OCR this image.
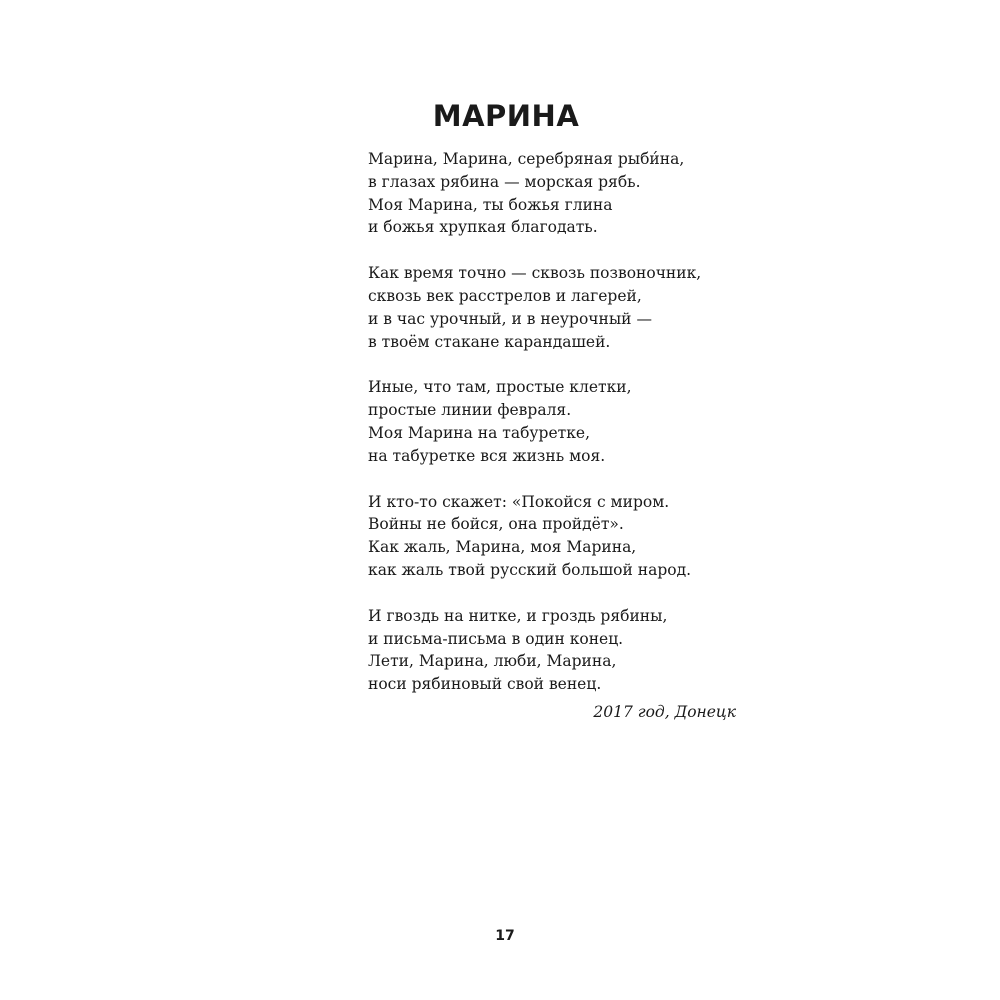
МАРИНА
Марина, Марина, серебряная рыби́на,
в глазах рябина — морская рябь.
Моя Марина, ты божья глина
и божья хрупкая благодать.
Как время точно — сквозь позвоночник,
сквозь век расстрелов и лагерей,
и в час урочный, и в неурочный —
в твоём стакане карандашей.
Иные, что там, простые клетки,
простые линии февраля.
Моя Марина на табуретке,
на табуретке вся жизнь моя.
И кто-то скажет: «Покойся с миром.
Войны не бойся, она пройдёт».
Как жаль, Марина, моя Марина,
как жаль твой русский большой народ.
И гвоздь на нитке, и гроздь рябины,
и письма-письма в один конец.
Лети, Марина, люби, Марина,
носи рябиновый свой венец.
2017 год, Донецк
17
